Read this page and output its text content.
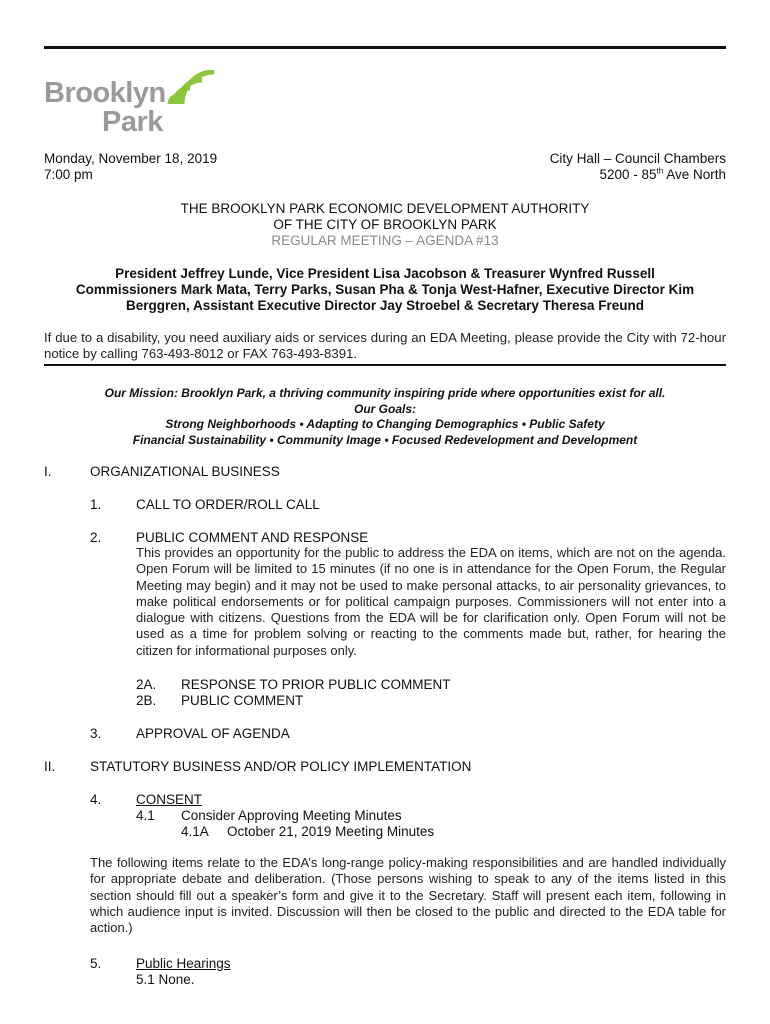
Brooklyn
Park
Monday, November 18, 2019
7:00 pm
City Hall – Council Chambers
5200 - 85th Ave North
THE BROOKLYN PARK ECONOMIC DEVELOPMENT AUTHORITY
OF THE CITY OF BROOKLYN PARK
REGULAR MEETING – AGENDA #13
President Jeffrey Lunde, Vice President Lisa Jacobson & Treasurer Wynfred Russell
Commissioners Mark Mata, Terry Parks, Susan Pha & Tonja West-Hafner, Executive Director Kim
Berggren, Assistant Executive Director Jay Stroebel & Secretary Theresa Freund
If due to a disability, you need auxiliary aids or services during an EDA Meeting, please provide the City with 72-hour notice by calling 763-493-8012 or FAX 763-493-8391.
Our Mission: Brooklyn Park, a thriving community inspiring pride where opportunities exist for all.
Our Goals:
Strong Neighborhoods • Adapting to Changing Demographics • Public Safety
Financial Sustainability • Community Image • Focused Redevelopment and Development
I.	ORGANIZATIONAL BUSINESS
1.	CALL TO ORDER/ROLL CALL
2.	PUBLIC COMMENT AND RESPONSE
This provides an opportunity for the public to address the EDA on items, which are not on the agenda. Open Forum will be limited to 15 minutes (if no one is in attendance for the Open Forum, the Regular Meeting may begin) and it may not be used to make personal attacks, to air personality grievances, to make political endorsements or for political campaign purposes. Commissioners will not enter into a dialogue with citizens. Questions from the EDA will be for clarification only. Open Forum will not be used as a time for problem solving or reacting to the comments made but, rather, for hearing the citizen for informational purposes only.
2A. RESPONSE TO PRIOR PUBLIC COMMENT
2B. PUBLIC COMMENT
3.	APPROVAL OF AGENDA
II.	STATUTORY BUSINESS AND/OR POLICY IMPLEMENTATION
4.	CONSENT
4.1 Consider Approving Meeting Minutes
4.1A October 21, 2019 Meeting Minutes
The following items relate to the EDA’s long-range policy-making responsibilities and are handled individually for appropriate debate and deliberation. (Those persons wishing to speak to any of the items listed in this section should fill out a speaker’s form and give it to the Secretary. Staff will present each item, following in which audience input is invited. Discussion will then be closed to the public and directed to the EDA table for action.)
5.	Public Hearings
5.1 None.
